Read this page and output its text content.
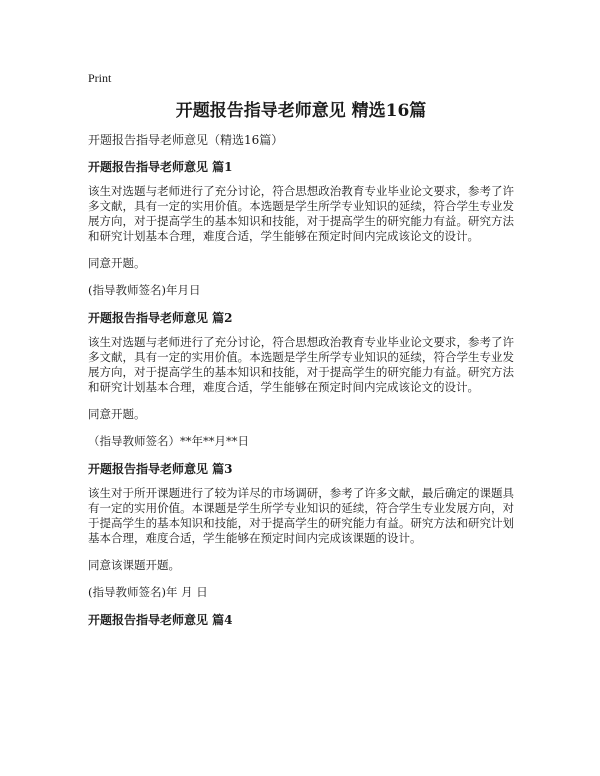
Print
开题报告指导老师意见 精选16篇
开题报告指导老师意见（精选16篇）
开题报告指导老师意见 篇1
该生对选题与老师进行了充分讨论，符合思想政治教育专业毕业论文要求，参考了许多文献，具有一定的实用价值。本选题是学生所学专业知识的延续，符合学生专业发展方向，对于提高学生的基本知识和技能，对于提高学生的研究能力有益。研究方法和研究计划基本合理，难度合适，学生能够在预定时间内完成该论文的设计。
同意开题。
(指导教师签名)年月日
开题报告指导老师意见 篇2
该生对选题与老师进行了充分讨论，符合思想政治教育专业毕业论文要求，参考了许多文献，具有一定的实用价值。本选题是学生所学专业知识的延续，符合学生专业发展方向，对于提高学生的基本知识和技能，对于提高学生的研究能力有益。研究方法和研究计划基本合理，难度合适，学生能够在预定时间内完成该论文的设计。
同意开题。
（指导教师签名）**年**月**日
开题报告指导老师意见 篇3
该生对于所开课题进行了较为详尽的市场调研，参考了许多文献，最后确定的课题具有一定的实用价值。本课题是学生所学专业知识的延续，符合学生专业发展方向，对于提高学生的基本知识和技能，对于提高学生的研究能力有益。研究方法和研究计划基本合理，难度合适，学生能够在预定时间内完成该课题的设计。
同意该课题开题。
(指导教师签名)年 月 日
开题报告指导老师意见 篇4
